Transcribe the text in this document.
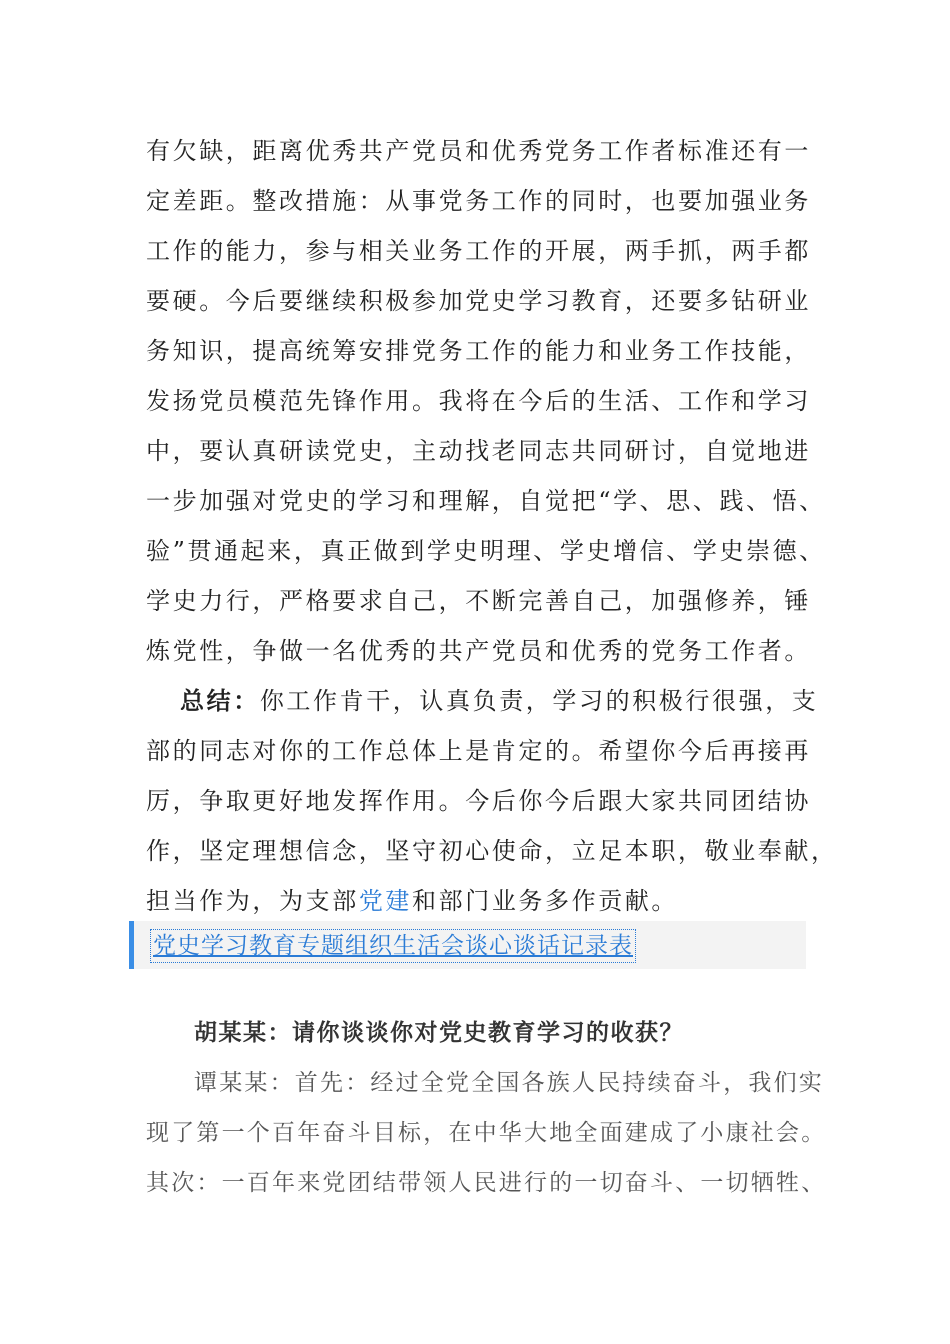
有欠缺，距离优秀共产党员和优秀党务工作者标准还有一
定差距。整改措施：从事党务工作的同时，也要加强业务
工作的能力，参与相关业务工作的开展，两手抓，两手都
要硬。今后要继续积极参加党史学习教育，还要多钻研业
务知识，提高统筹安排党务工作的能力和业务工作技能，
发扬党员模范先锋作用。我将在今后的生活、工作和学习
中，要认真研读党史，主动找老同志共同研讨，自觉地进
一步加强对党史的学习和理解，自觉把“学、思、践、悟、
验”贯通起来，真正做到学史明理、学史增信、学史崇德、
学史力行，严格要求自己，不断完善自己，加强修养，锤
炼党性，争做一名优秀的共产党员和优秀的党务工作者。
总结：你工作肯干，认真负责，学习的积极行很强，支
部的同志对你的工作总体上是肯定的。希望你今后再接再
厉，争取更好地发挥作用。今后你今后跟大家共同团结协
作，坚定理想信念，坚守初心使命，立足本职，敬业奉献，
担当作为，为支部党建和部门业务多作贡献。
党史学习教育专题组织生活会谈心谈话记录表
胡某某：请你谈谈你对党史教育学习的收获？
谭某某：首先：经过全党全国各族人民持续奋斗，我们实
现了第一个百年奋斗目标，在中华大地全面建成了小康社会。
其次：一百年来党团结带领人民进行的一切奋斗、一切牺牲、
